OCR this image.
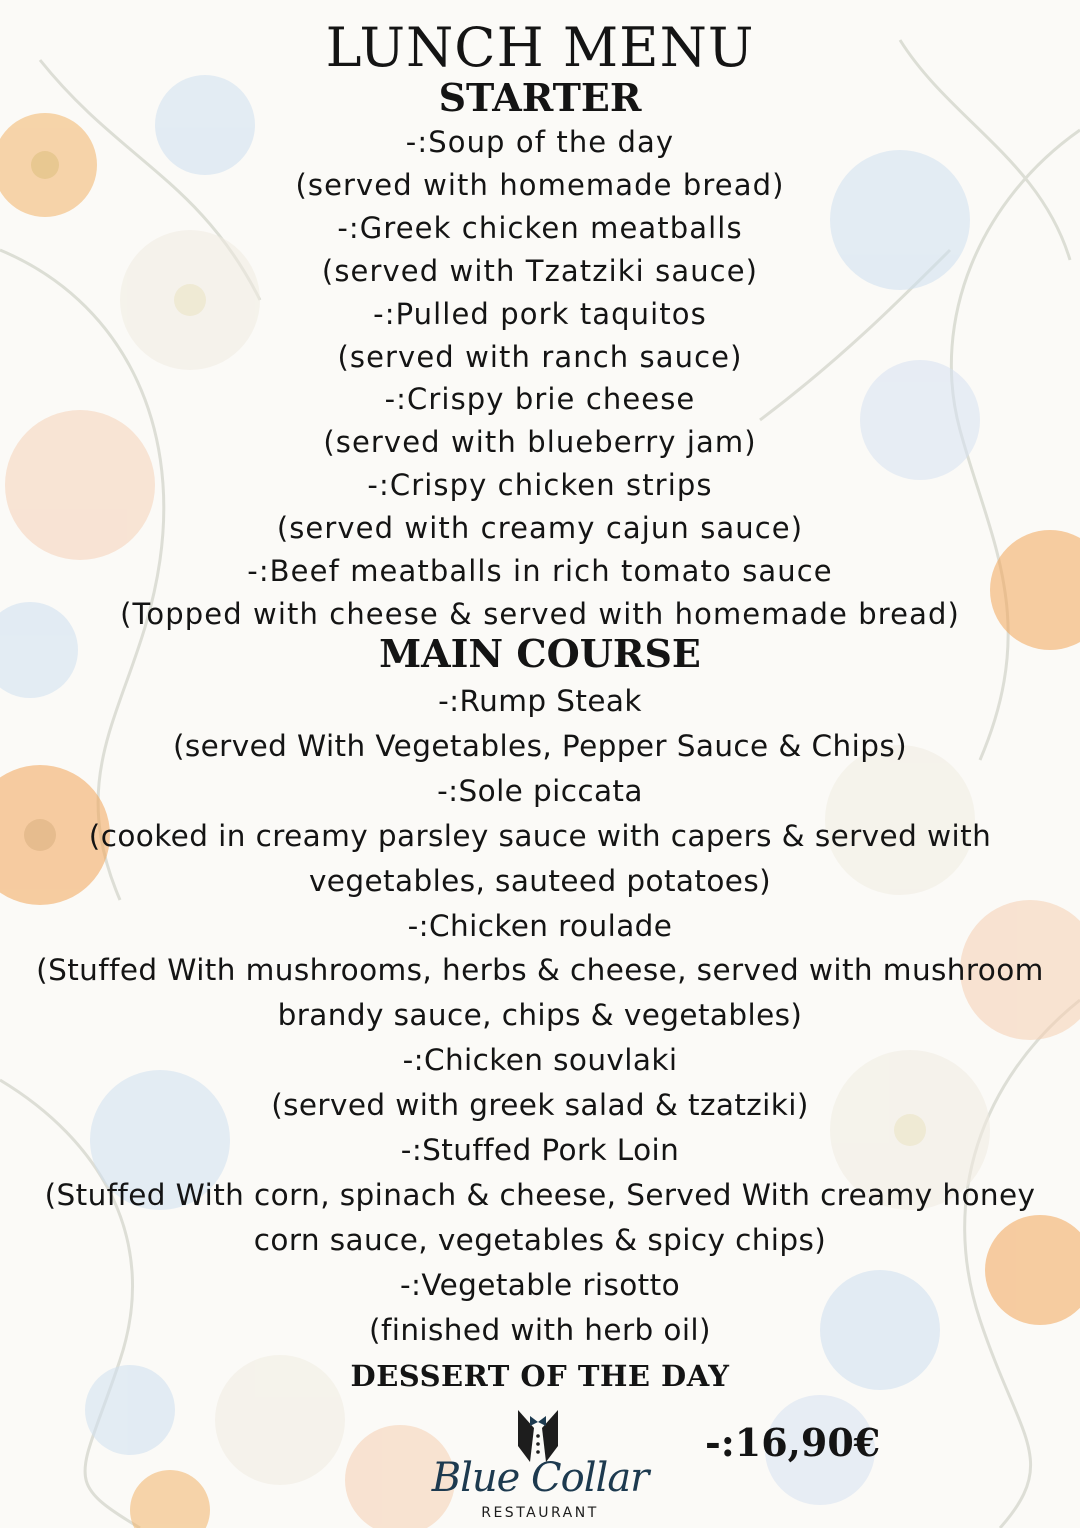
LUNCH MENU
STARTER
-:Soup of the day
(served with homemade bread)
-:Greek chicken meatballs
(served with Tzatziki sauce)
-:Pulled pork taquitos
(served with ranch sauce)
-:Crispy brie cheese
(served with blueberry jam)
-:Crispy chicken strips
(served with creamy cajun sauce)
-:Beef meatballs in rich tomato sauce
(Topped with cheese & served with homemade bread)
MAIN COURSE
-:Rump Steak
(served With Vegetables, Pepper Sauce & Chips)
-:Sole piccata
(cooked in creamy parsley sauce with capers & served with
vegetables, sauteed potatoes)
-:Chicken roulade
(Stuffed With mushrooms, herbs & cheese, served with mushroom
brandy sauce, chips & vegetables)
-:Chicken souvlaki
(served with greek salad & tzatziki)
-:Stuffed Pork Loin
(Stuffed With corn, spinach & cheese, Served With creamy honey
corn sauce, vegetables & spicy chips)
-:Vegetable risotto
(finished with herb oil)
DESSERT OF THE DAY
Blue Collar
RESTAURANT
-:16,90€
